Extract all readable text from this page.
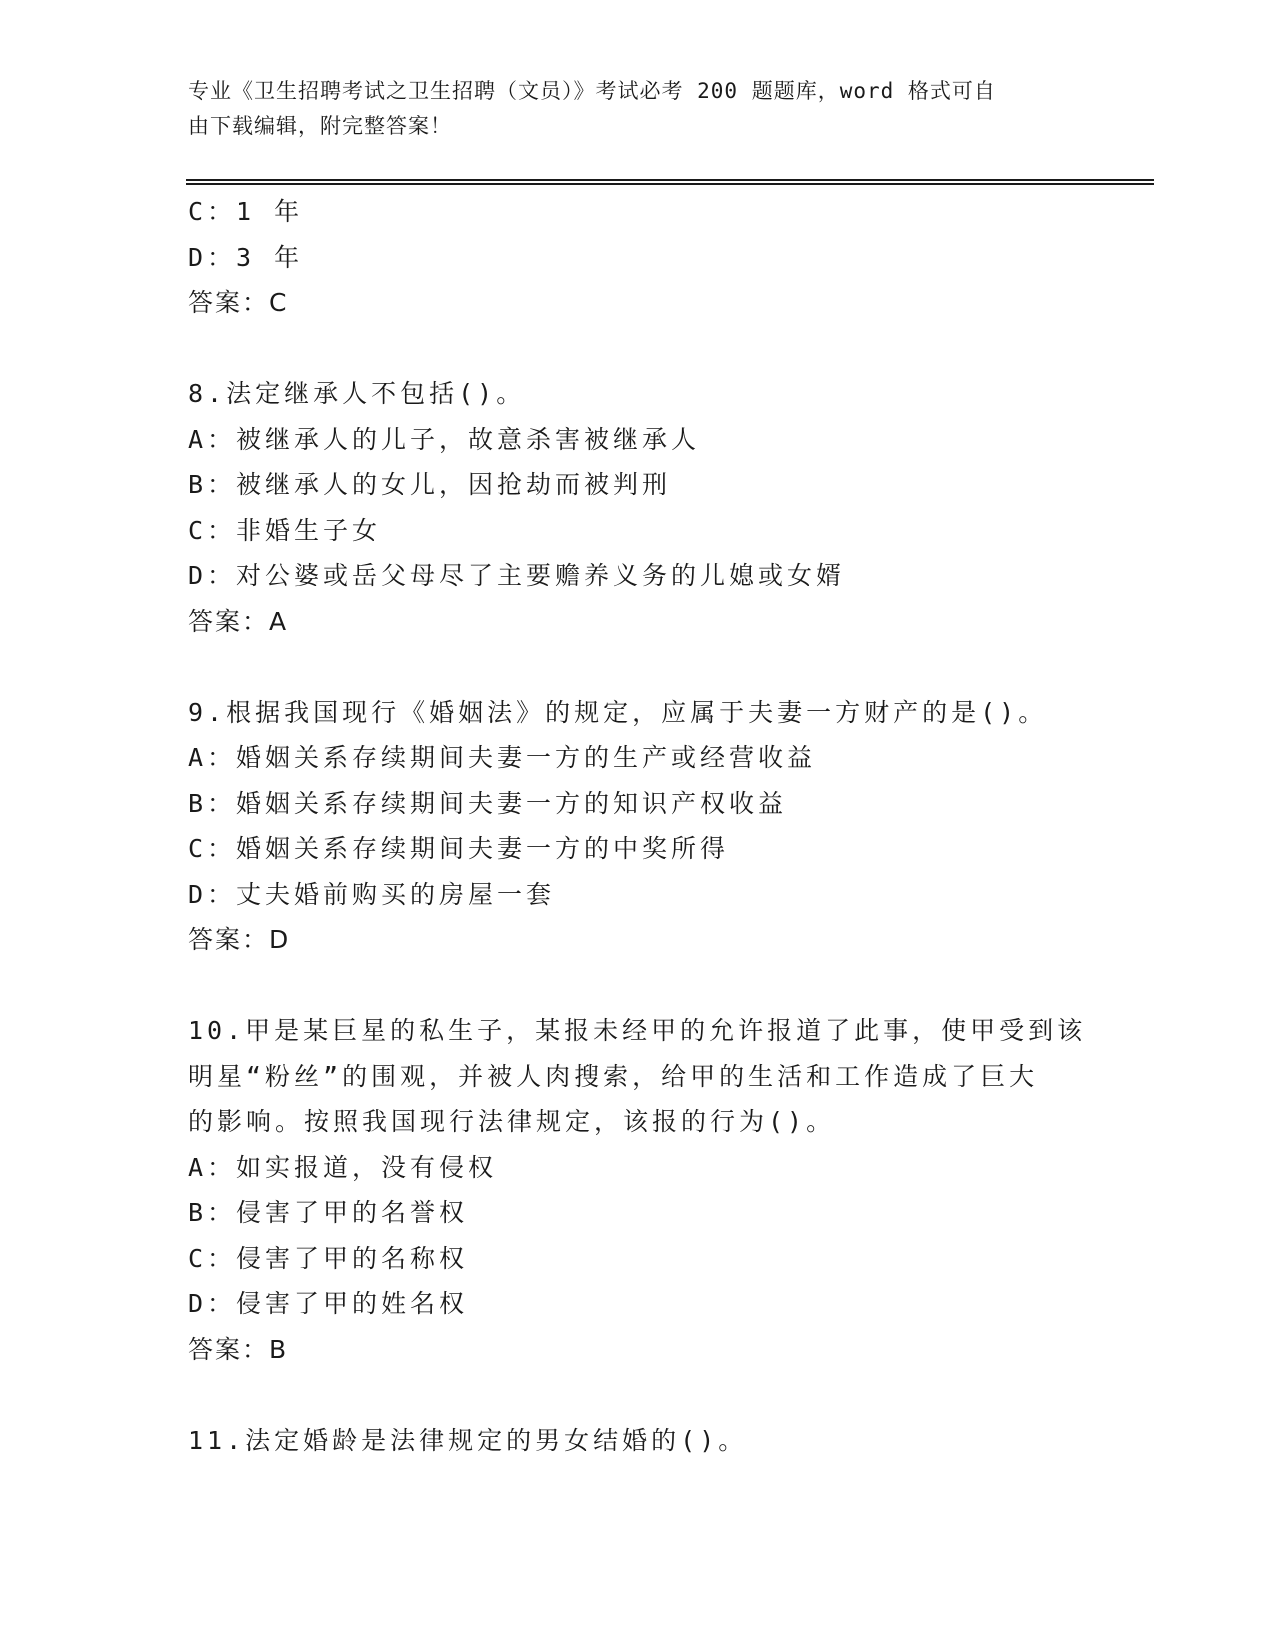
专业《卫生招聘考试之卫生招聘（文员）》考试必考 200 题题库，word 格式可自
由下载编辑，附完整答案！
C：1 年
D：3 年
答案：C
8.法定继承人不包括()。
A：被继承人的儿子，故意杀害被继承人
B：被继承人的女儿，因抢劫而被判刑
C：非婚生子女
D：对公婆或岳父母尽了主要赡养义务的儿媳或女婿
答案：A
9.根据我国现行《婚姻法》的规定，应属于夫妻一方财产的是()。
A：婚姻关系存续期间夫妻一方的生产或经营收益
B：婚姻关系存续期间夫妻一方的知识产权收益
C：婚姻关系存续期间夫妻一方的中奖所得
D：丈夫婚前购买的房屋一套
答案：D
10.甲是某巨星的私生子，某报未经甲的允许报道了此事，使甲受到该
明星“粉丝”的围观，并被人肉搜索，给甲的生活和工作造成了巨大
的影响。按照我国现行法律规定，该报的行为()。
A：如实报道，没有侵权
B：侵害了甲的名誉权
C：侵害了甲的名称权
D：侵害了甲的姓名权
答案：B
11.法定婚龄是法律规定的男女结婚的()。
